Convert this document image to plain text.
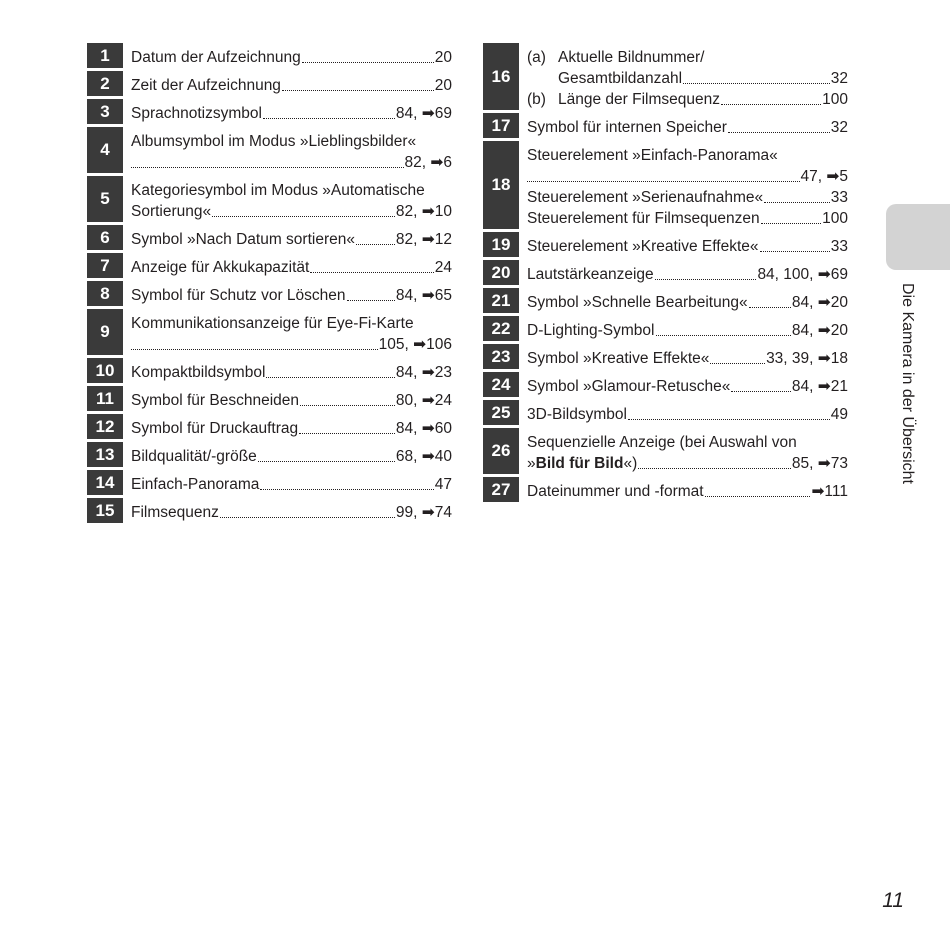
1	Datum der Aufzeichnung	20
2	Zeit der Aufzeichnung	20
3	Sprachnotizsymbol	84, ➡69
4	Albumsymbol im Modus »Lieblingsbilder«
82, ➡6
5	Kategoriesymbol im Modus »Automatische
Sortierung«	82, ➡10
6	Symbol »Nach Datum sortieren«	82, ➡12
7	Anzeige für Akkukapazität	24
8	Symbol für Schutz vor Löschen	84, ➡65
9	Kommunikationsanzeige für Eye-Fi-Karte
105, ➡106
10	Kompaktbildsymbol	84, ➡23
11	Symbol für Beschneiden	80, ➡24
12	Symbol für Druckauftrag	84, ➡60
13	Bildqualität/-größe	68, ➡40
14	Einfach-Panorama	47
15	Filmsequenz	99, ➡74
16
(a) Aktuelle Bildnummer/
Gesamtbildanzahl	32
(b) Länge der Filmsequenz	100
17	Symbol für internen Speicher	32
18
Steuerelement »Einfach-Panorama«
47, ➡5
Steuerelement »Serienaufnahme«	33
Steuerelement für Filmsequenzen	100
19	Steuerelement »Kreative Effekte«	33
20	Lautstärkeanzeige	84, 100, ➡69
21	Symbol »Schnelle Bearbeitung«	84, ➡20
22	D-Lighting-Symbol	84, ➡20
23	Symbol »Kreative Effekte«	33, 39, ➡18
24	Symbol »Glamour-Retusche«	84, ➡21
25	3D-Bildsymbol	49
26	Sequenzielle Anzeige (bei Auswahl von
»Bild für Bild«)	85, ➡73
27	Dateinummer und -format	➡111
Die Kamera in der Übersicht
11
